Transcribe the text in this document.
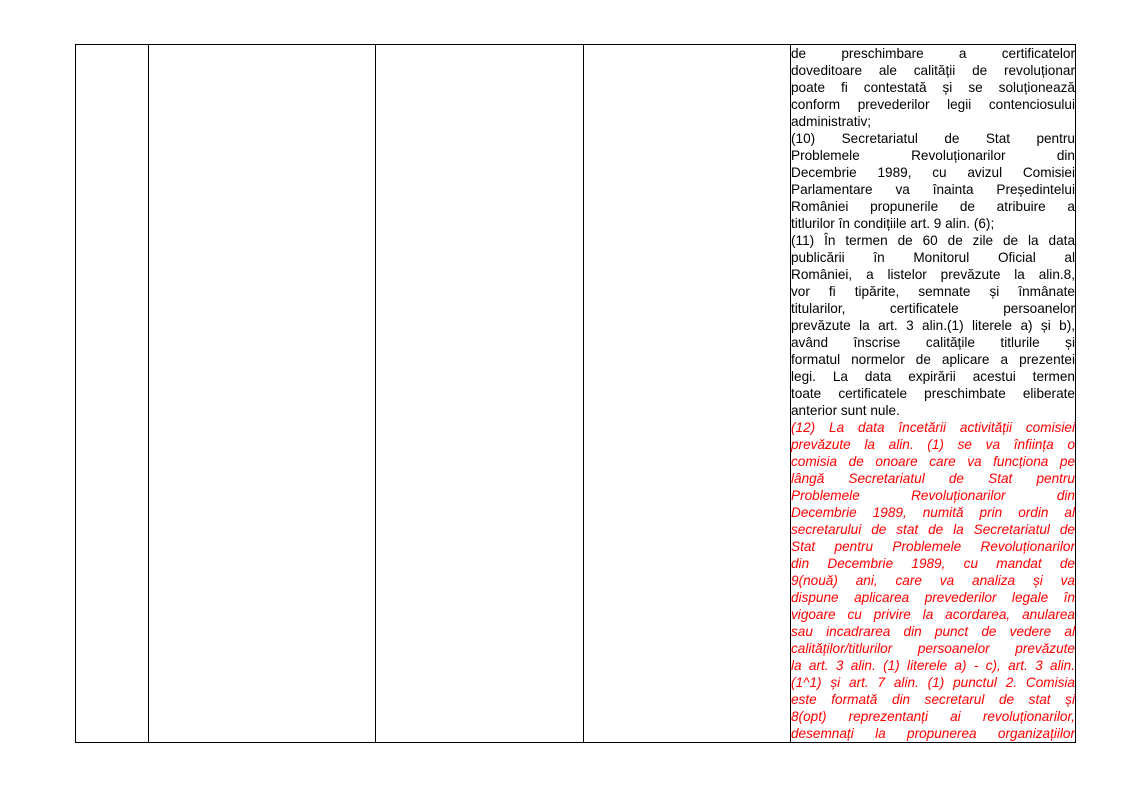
de preschimbare a certificatelor
doveditoare ale calității de revoluționar
poate fi contestată și se soluționează
conform prevederilor legii contenciosului
administrativ;
(10) Secretariatul de Stat pentru
Problemele Revoluționarilor din
Decembrie 1989, cu avizul Comisiei
Parlamentare va înainta Președintelui
României propunerile de atribuire a
titlurilor în condițiile art. 9 alin. (6);
(11) În termen de 60 de zile de la data
publicării în Monitorul Oficial al
României, a listelor prevăzute la alin.8,
vor fi tipărite, semnate și înmânate
titularilor, certificatele persoanelor
prevăzute la art. 3 alin.(1) literele a) și b),
având înscrise calitățile titlurile și
formatul normelor de aplicare a prezentei
legi. La data expirării acestui termen
toate certificatele preschimbate eliberate
anterior sunt nule.
(12) La data încetării activității comisiei
prevăzute la alin. (1) se va înființa o
comisia de onoare care va funcționa pe
lângă Secretariatul de Stat pentru
Problemele Revoluționarilor din
Decembrie 1989, numită prin ordin al
secretarului de stat de la Secretariatul de
Stat pentru Problemele Revoluționarilor
din Decembrie 1989, cu mandat de
9(nouă) ani, care va analiza și va
dispune aplicarea prevederilor legale în
vigoare cu privire la acordarea, anularea
sau incadrarea din punct de vedere al
calităților/titlurilor persoanelor prevăzute
la art. 3 alin. (1) literele a) - c), art. 3 alin.
(1^1) și art. 7 alin. (1) punctul 2. Comisia
este formată din secretarul de stat și
8(opt) reprezentanți ai revoluționarilor,
desemnați la propunerea organizațiilor
